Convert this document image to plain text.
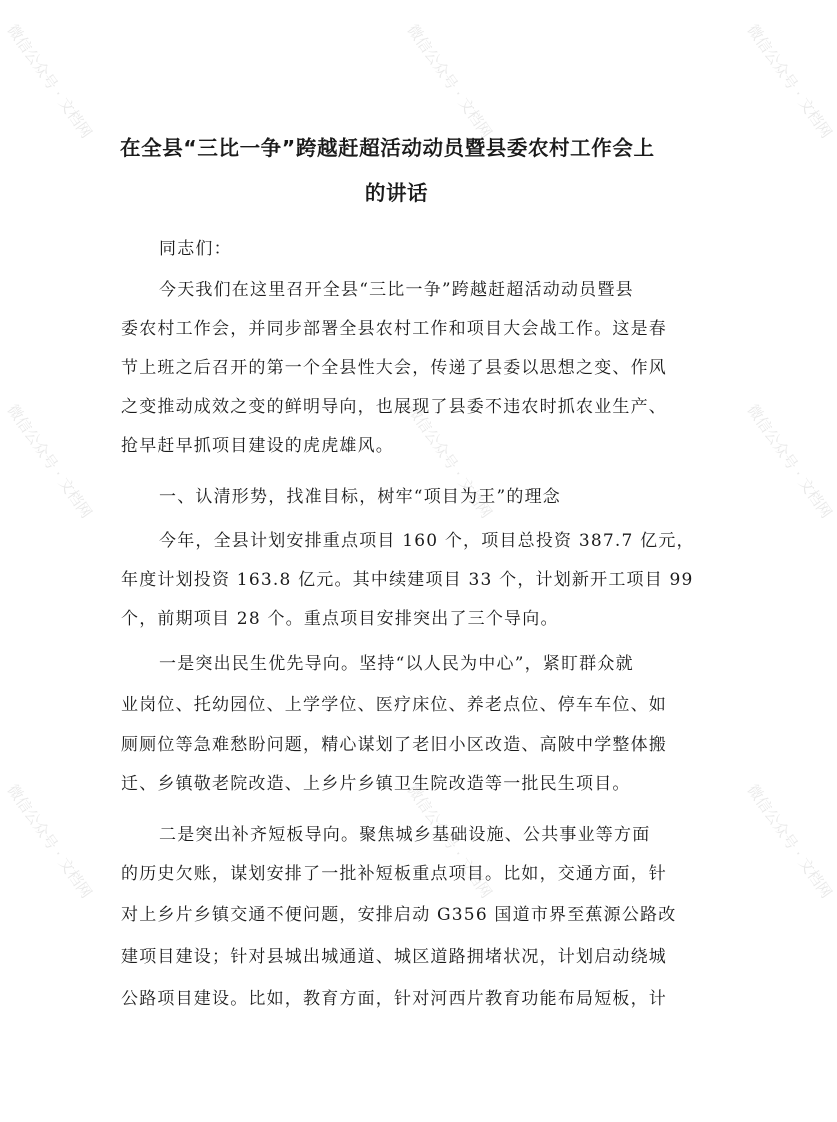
微信公众号 · 文档网	微信公众号 · 文档网	微信公众号 · 文档网
微信公众号 · 文档网	微信公众号 · 文档网	微信公众号 · 文档网
微信公众号 · 文档网	微信公众号 · 文档网	微信公众号 · 文档网
在全县“三比一争”跨越赶超活动动员暨县委农村工作会上
的讲话
同志们：
今天我们在这里召开全县“三比一争”跨越赶超活动动员暨县
委农村工作会，并同步部署全县农村工作和项目大会战工作。这是春
节上班之后召开的第一个全县性大会，传递了县委以思想之变、作风
之变推动成效之变的鲜明导向，也展现了县委不违农时抓农业生产、
抢早赶早抓项目建设的虎虎雄风。
一、认清形势，找准目标，树牢“项目为王”的理念
今年，全县计划安排重点项目 160 个，项目总投资 387.7 亿元，
年度计划投资 163.8 亿元。其中续建项目 33 个，计划新开工项目 99
个，前期项目 28 个。重点项目安排突出了三个导向。
一是突出民生优先导向。坚持“以人民为中心”，紧盯群众就
业岗位、托幼园位、上学学位、医疗床位、养老点位、停车车位、如
厕厕位等急难愁盼问题，精心谋划了老旧小区改造、高陂中学整体搬
迁、乡镇敬老院改造、上乡片乡镇卫生院改造等一批民生项目。
二是突出补齐短板导向。聚焦城乡基础设施、公共事业等方面
的历史欠账，谋划安排了一批补短板重点项目。比如，交通方面，针
对上乡片乡镇交通不便问题，安排启动 G356 国道市界至蕉源公路改
建项目建设；针对县城出城通道、城区道路拥堵状况，计划启动绕城
公路项目建设。比如，教育方面，针对河西片教育功能布局短板，计
